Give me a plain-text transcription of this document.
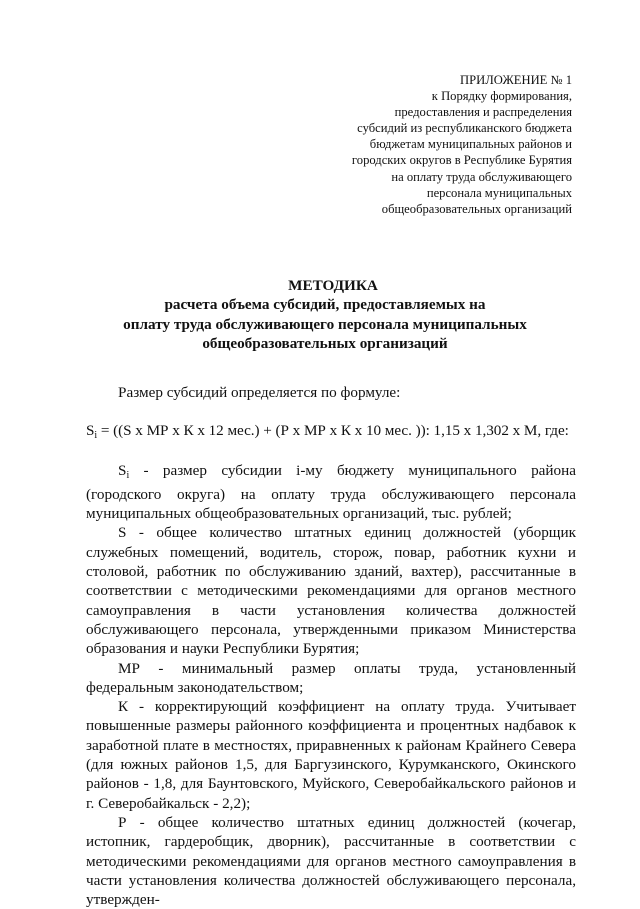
ПРИЛОЖЕНИЕ № 1
к Порядку формирования,
предоставления и распределения
субсидий из республиканского бюджета
бюджетам муниципальных районов и
городских округов в Республике Бурятия
на оплату труда обслуживающего
персонала муниципальных
общеобразовательных организаций
МЕТОДИКА
расчета объема субсидий, предоставляемых на
оплату труда обслуживающего персонала муниципальных
общеобразовательных организаций
Размер субсидий определяется по формуле:
$S_i = ((S$ х МР х К х 12 мес.) + (Р х МР х К х 10 мес. )): 1,15 х 1,302 х М, где:

$S_i$ - размер субсидии i-му бюджету муниципального района (городского округа) на оплату труда обслуживающего персонала муниципальных общеобразовательных организаций, тыс. рублей;

S - общее количество штатных единиц должностей (уборщик служебных помещений, водитель, сторож, повар, работник кухни и столовой, работник по обслуживанию зданий, вахтер), рассчитанные в соответствии с методическими рекомендациями для органов местного самоуправления в части установления количества должностей обслуживающего персонала, утвержденными приказом Министерства образования и науки Республики Бурятия;

МР - минимальный размер оплаты труда, установленный федеральным законодательством;

К - корректирующий коэффициент на оплату труда. Учитывает повышенные размеры районного коэффициента и процентных надбавок к заработной плате в местностях, приравненных к районам Крайнего Севера (для южных районов 1,5, для Баргузинского, Курумканского, Окинского районов - 1,8, для Баунтовского, Муйского, Северобайкальского районов и г. Северобайкальск - 2,2);

Р - общее количество штатных единиц должностей (кочегар, истопник, гардеробщик, дворник), рассчитанные в соответствии с методическими рекомендациями для органов местного самоуправления в части установления количества должностей обслуживающего персонала, утвержден-
